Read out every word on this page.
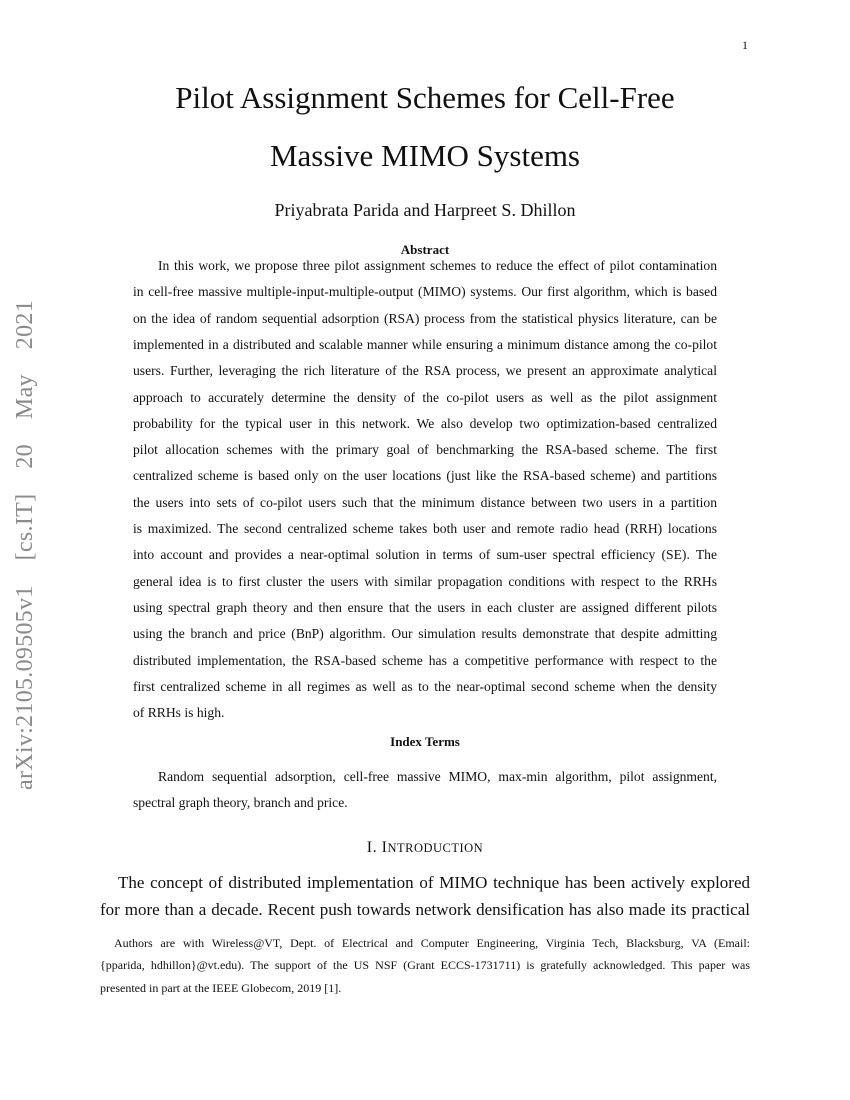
arXiv:2105.09505v1 [cs.IT] 20 May 2021
1
Pilot Assignment Schemes for Cell-Free
Massive MIMO Systems
Priyabrata Parida and Harpreet S. Dhillon
Abstract
In this work, we propose three pilot assignment schemes to reduce the effect of pilot contamination
in cell-free massive multiple-input-multiple-output (MIMO) systems. Our first algorithm, which is based
on the idea of random sequential adsorption (RSA) process from the statistical physics literature, can be
implemented in a distributed and scalable manner while ensuring a minimum distance among the co-pilot
users. Further, leveraging the rich literature of the RSA process, we present an approximate analytical
approach to accurately determine the density of the co-pilot users as well as the pilot assignment
probability for the typical user in this network. We also develop two optimization-based centralized
pilot allocation schemes with the primary goal of benchmarking the RSA-based scheme. The first
centralized scheme is based only on the user locations (just like the RSA-based scheme) and partitions
the users into sets of co-pilot users such that the minimum distance between two users in a partition
is maximized. The second centralized scheme takes both user and remote radio head (RRH) locations
into account and provides a near-optimal solution in terms of sum-user spectral efficiency (SE). The
general idea is to first cluster the users with similar propagation conditions with respect to the RRHs
using spectral graph theory and then ensure that the users in each cluster are assigned different pilots
using the branch and price (BnP) algorithm. Our simulation results demonstrate that despite admitting
distributed implementation, the RSA-based scheme has a competitive performance with respect to the
first centralized scheme in all regimes as well as to the near-optimal second scheme when the density
of RRHs is high.
Index Terms
Random sequential adsorption, cell-free massive MIMO, max-min algorithm, pilot assignment,
spectral graph theory, branch and price.
I. INTRODUCTION
The concept of distributed implementation of MIMO technique has been actively explored
for more than a decade. Recent push towards network densification has also made its practical
Authors are with Wireless@VT, Dept. of Electrical and Computer Engineering, Virginia Tech, Blacksburg, VA (Email:
{pparida, hdhillon}@vt.edu). The support of the US NSF (Grant ECCS-1731711) is gratefully acknowledged. This paper was
presented in part at the IEEE Globecom, 2019 [1].
